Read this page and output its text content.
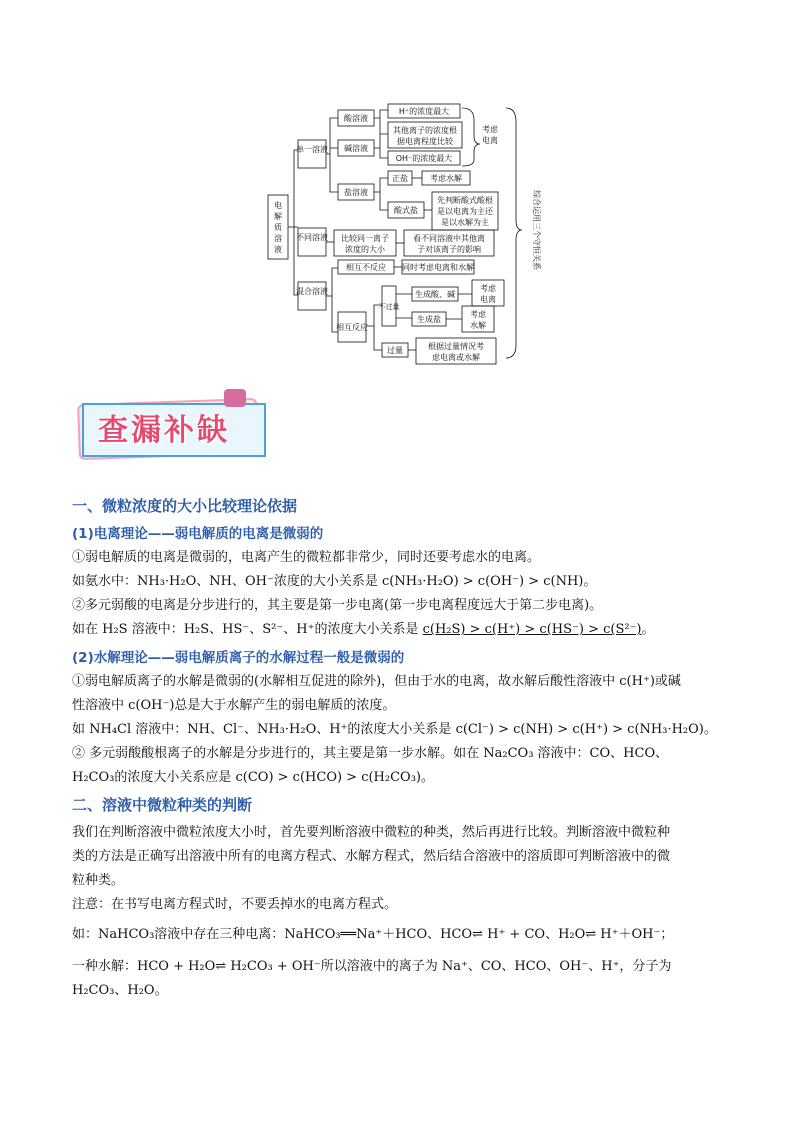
电解质溶液
单一溶液
酸溶液
碱溶液
盐溶液
H⁺的浓度最大
其他离子的浓度根
据电离程度比较
OH⁻的浓度最大
考虑
电离
正盐	考虑水解
酸式盐
先判断酸式酸根
是以电离为主还
是以水解为主
不同溶液 比较同一离子
浓度的大小
看不同溶液中其他离
子对该离子的影响
混合溶液
相互不反应 同时考虑电离和水解
相互反应
不过量
生成酸、碱
考虑
电离
生成盐
考虑
水解
过量	根据过量情况考
虑电离或水解
综合运用三个守恒关系
查漏补缺
一、微粒浓度的大小比较理论依据
(1)电离理论——弱电解质的电离是微弱的

①弱电解质的电离是微弱的，电离产生的微粒都非常少，同时还要考虑水的电离。

如氨水中：NH₃·H₂O、NH、OH⁻浓度的大小关系是 c(NH₃·H₂O) > c(OH⁻) > c(NH)。

②多元弱酸的电离是分步进行的，其主要是第一步电离(第一步电离程度远大于第二步电离)。

如在 H₂S 溶液中：H₂S、HS⁻、S²⁻、H⁺的浓度大小关系是 c(H₂S) > c(H⁺) > c(HS⁻) > c(S²⁻)。

(2)水解理论——弱电解质离子的水解过程一般是微弱的

①弱电解质离子的水解是微弱的(水解相互促进的除外)，但由于水的电离，故水解后酸性溶液中 c(H⁺)或碱

性溶液中 c(OH⁻)总是大于水解产生的弱电解质的浓度。

如 NH₄Cl 溶液中：NH、Cl⁻、NH₃·H₂O、H⁺的浓度大小关系是 c(Cl⁻) > c(NH) > c(H⁺) > c(NH₃·H₂O)。

② 多元弱酸酸根离子的水解是分步进行的，其主要是第一步水解。如在 Na₂CO₃ 溶液中：CO、HCO、

H₂CO₃的浓度大小关系应是 c(CO) > c(HCO) > c(H₂CO₃)。

二、溶液中微粒种类的判断

我们在判断溶液中微粒浓度大小时，首先要判断溶液中微粒的种类，然后再进行比较。判断溶液中微粒种

类的方法是正确写出溶液中所有的电离方程式、水解方程式，然后结合溶液中的溶质即可判断溶液中的微

粒种类。

注意：在书写电离方程式时，不要丢掉水的电离方程式。

如：NaHCO₃溶液中存在三种电离：NaHCO₃══Na⁺＋HCO、HCO⇌ H⁺ + CO、H₂O⇌ H⁺＋OH⁻；

一种水解：HCO + H₂O⇌ H₂CO₃ + OH⁻所以溶液中的离子为 Na⁺、CO、HCO、OH⁻、H⁺，分子为

H₂CO₃、H₂O。
